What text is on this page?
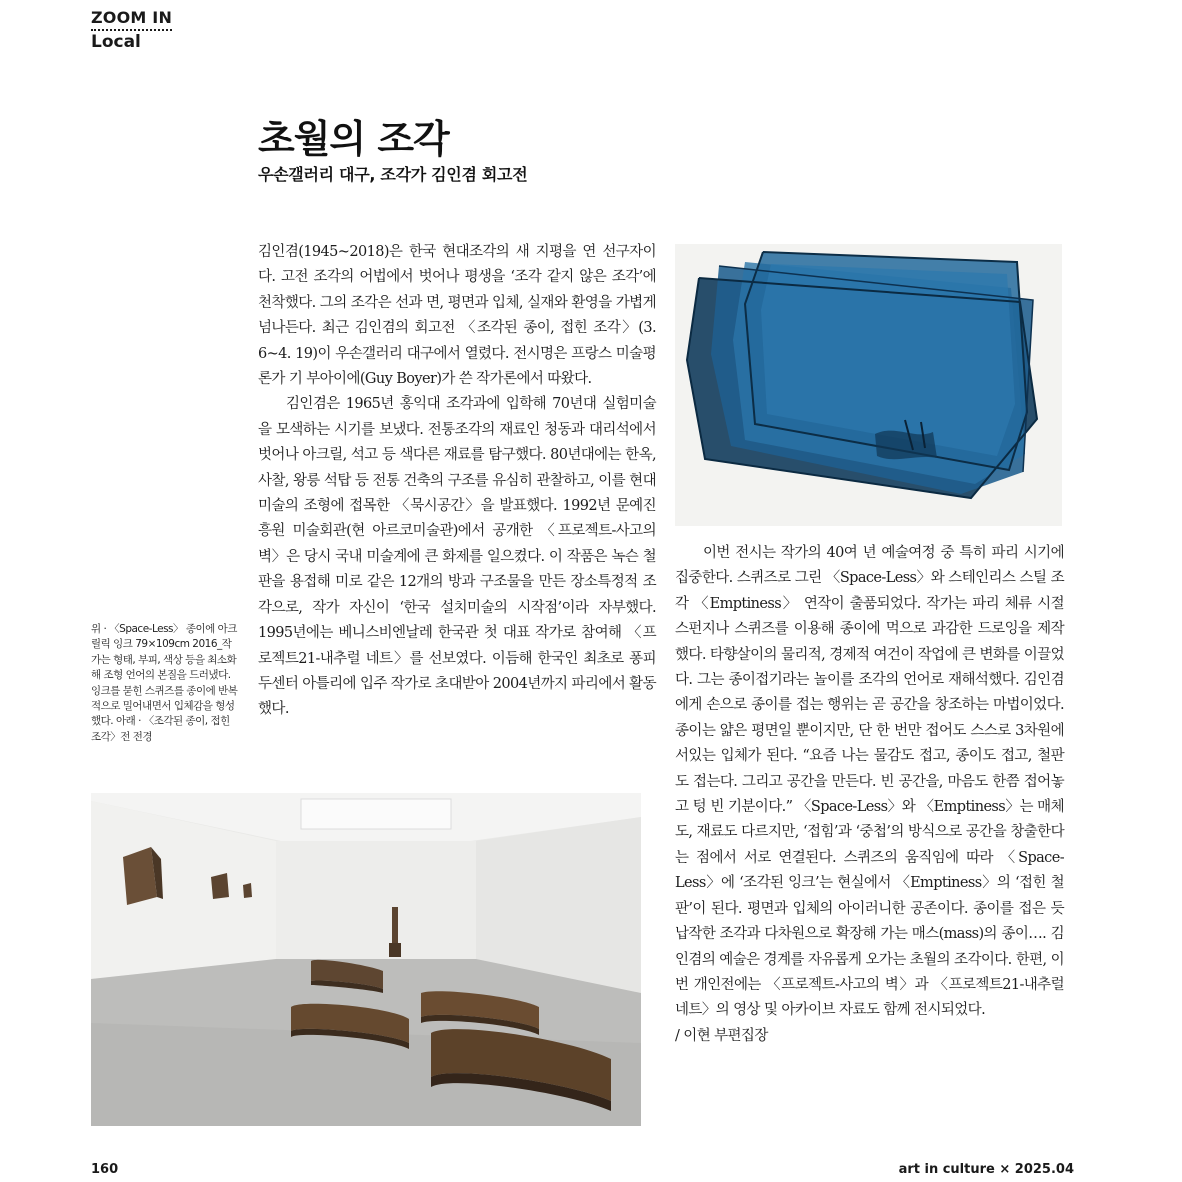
ZOOM IN
Local
초월의 조각
우손갤러리 대구, 조각가 김인겸 회고전

김인겸(1945~2018)은 한국 현대조각의 새 지평을 연 선구자이다. 고전 조각의 어법에서 벗어나 평생을 ‘조각 같지 않은 조각’에 천착했다. 그의 조각은 선과 면, 평면과 입체, 실재와 환영을 가볍게 넘나든다. 최근 김인겸의 회고전 〈조각된 종이, 접힌 조각〉(3. 6~4. 19)이 우손갤러리 대구에서 열렸다. 전시명은 프랑스 미술평론가 기 부아이에(Guy Boyer)가 쓴 작가론에서 따왔다.

김인겸은 1965년 홍익대 조각과에 입학해 70년대 실험미술을 모색하는 시기를 보냈다. 전통조각의 재료인 청동과 대리석에서 벗어나 아크릴, 석고 등 색다른 재료를 탐구했다. 80년대에는 한옥, 사찰, 왕릉 석탑 등 전통 건축의 구조를 유심히 관찰하고, 이를 현대미술의 조형에 접목한 〈묵시공간〉을 발표했다. 1992년 문예진흥원 미술회관(현 아르코미술관)에서 공개한 〈프로젝트-사고의 벽〉은 당시 국내 미술계에 큰 화제를 일으켰다. 이 작품은 녹슨 철판을 용접해 미로 같은 12개의 방과 구조물을 만든 장소특정적 조각으로, 작가 자신이 ‘한국 설치미술의 시작점’이라 자부했다. 1995년에는 베니스비엔날레 한국관 첫 대표 작가로 참여해 〈프로젝트21-내추럴 네트〉를 선보였다. 이듬해 한국인 최초로 퐁피두센터 아틀리에 입주 작가로 초대받아 2004년까지 파리에서 활동했다.

이번 전시는 작가의 40여 년 예술여정 중 특히 파리 시기에 집중한다. 스퀴즈로 그린 〈Space-Less〉와 스테인리스 스틸 조각 〈Emptiness〉 연작이 출품되었다. 작가는 파리 체류 시절 스펀지나 스퀴즈를 이용해 종이에 먹으로 과감한 드로잉을 제작했다. 타향살이의 물리적, 경제적 여건이 작업에 큰 변화를 이끌었다. 그는 종이접기라는 놀이를 조각의 언어로 재해석했다. 김인겸에게 손으로 종이를 접는 행위는 곧 공간을 창조하는 마법이었다. 종이는 얇은 평면일 뿐이지만, 단 한 번만 접어도 스스로 3차원에 서있는 입체가 된다. “요즘 나는 물감도 접고, 종이도 접고, 철판도 접는다. 그리고 공간을 만든다. 빈 공간을, 마음도 한쯤 접어놓고 텅 빈 기분이다.” 〈Space-Less〉와 〈Emptiness〉는 매체도, 재료도 다르지만, ‘접힘’과 ‘중첩’의 방식으로 공간을 창출한다는 점에서 서로 연결된다. 스퀴즈의 움직임에 따라 〈Space-Less〉에 ‘조각된 잉크’는 현실에서 〈Emptiness〉의 ‘접힌 철판’이 된다. 평면과 입체의 아이러니한 공존이다. 종이를 접은 듯 납작한 조각과 다차원으로 확장해 가는 매스(mass)의 종이…. 김인겸의 예술은 경계를 자유롭게 오가는 초월의 조각이다. 한편, 이번 개인전에는 〈프로젝트-사고의 벽〉과 〈프로젝트21-내추럴 네트〉의 영상 및 아카이브 자료도 함께 전시되었다.

/ 이현 부편집장

위 · 〈Space-Less〉 종이에 아크릴릭 잉크 79×109cm 2016_작가는 형태, 부피, 색상 등을 최소화해 조형 언어의 본질을 드러냈다. 잉크를 묻힌 스퀴즈를 종이에 반복적으로 밀어내면서 입체감을 형성했다. 아래 · 〈조각된 종이, 접힌 조각〉전 전경
160	art in culture × 2025.04
